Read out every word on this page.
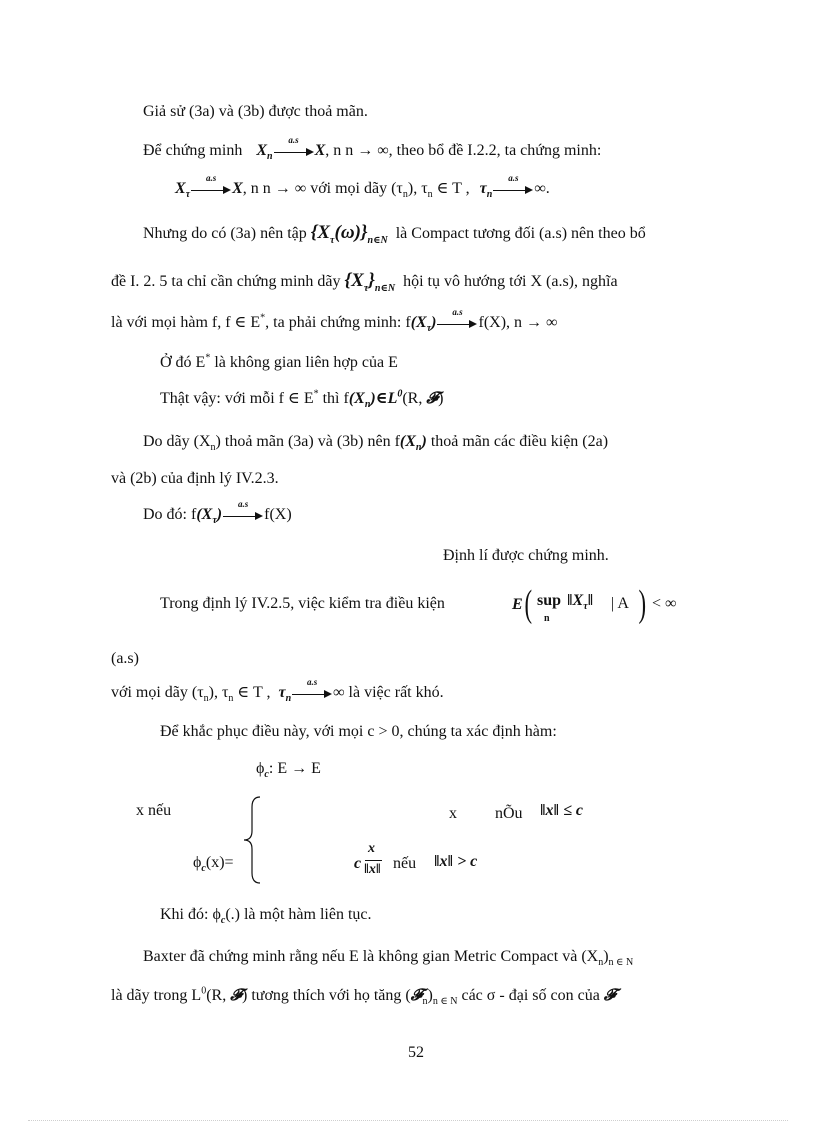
Giả sử (3a) và (3b) được thoả mãn.
Để chứng minh $X_n$
a.s
X, n n → ∞, theo bổ đề I.2.2, ta chứng minh:
$X_\tau$
a.s
X, n n → ∞ với mọi dãy $(\tau_n)$, $\tau_n$ ∈ T , $\tau_n$
a.s
∞.
Nhưng do có (3a) nên tập $\{X_\tau(\omega)\}_{n\in N}$ là Compact tương đối (a.s) nên theo bổ
đề I. 2. 5 ta chỉ cần chứng minh dãy $\{X_\tau\}_{n\in N}$ hội tụ vô hướng tới X (a.s), nghĩa
là với mọi hàm f, f ∈ E*, ta phải chứng minh: $f(X_\tau)$
a.s
f(X), n → ∞
Ở đó E* là không gian liên hợp của E
Thật vậy: với mỗi f ∈ E* thì $f(X_n)\in L^0(R$, 𝓕)
Do dãy $(X_n)$ thoả mãn (3a) và (3b) nên $f(X_n)$ thoả mãn các điều kiện (2a)
và (2b) của định lý IV.2.3.
Do đó: $f(X_\tau)$
a.s
f(X)
Định lí được chứng minh.
Trong định lý IV.2.5, việc kiểm tra điều kiện	E ( sup
n
$‖X_\tau‖$ | A ) < ∞
(a.s)
với mọi dãy $(\tau_n)$, $\tau_n$ ∈ T , $\tau_n$
a.s
∞ là việc rất khó.
Để khắc phục điều này, với mọi c > 0, chúng ta xác định hàm:
$\phi_c$: E → E
x nếu	x nÕu ‖x‖ ≤ c
$\phi_c(x)=$	c
x
‖x‖ nếu ‖x‖ > c
Khi đó: $\phi_c(.)$ là một hàm liên tục.
Baxter đã chứng minh rằng nếu E là không gian Metric Compact và $(X_n)_{n \in N}$
là dãy trong $L^0(R$, 𝓕) tương thích với họ tăng $(𝓕_n)_{n \in N}$ các σ - đại số con của 𝓕
52
